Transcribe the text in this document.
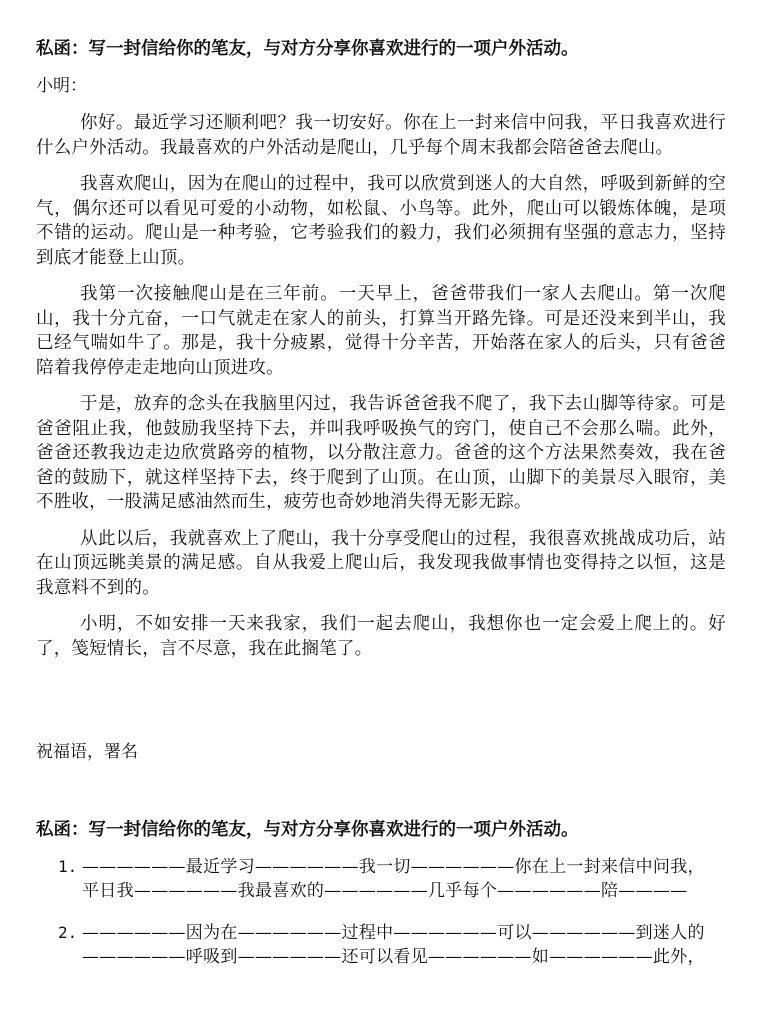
私函：写一封信给你的笔友，与对方分享你喜欢进行的一项户外活动。
小明：

你好。最近学习还顺利吧？我一切安好。你在上一封来信中问我，平日我喜欢进行什么户外活动。我最喜欢的户外活动是爬山，几乎每个周末我都会陪爸爸去爬山。

我喜欢爬山，因为在爬山的过程中，我可以欣赏到迷人的大自然，呼吸到新鲜的空气，偶尔还可以看见可爱的小动物，如松鼠、小鸟等。此外，爬山可以锻炼体魄，是项不错的运动。爬山是一种考验，它考验我们的毅力，我们必须拥有坚强的意志力，坚持到底才能登上山顶。

我第一次接触爬山是在三年前。一天早上，爸爸带我们一家人去爬山。第一次爬山，我十分亢奋，一口气就走在家人的前头，打算当开路先锋。可是还没来到半山，我已经气喘如牛了。那是，我十分疲累，觉得十分辛苦，开始落在家人的后头，只有爸爸陪着我停停走走地向山顶进攻。

于是，放弃的念头在我脑里闪过，我告诉爸爸我不爬了，我下去山脚等待家。可是爸爸阻止我，他鼓励我坚持下去，并叫我呼吸换气的窍门，使自己不会那么喘。此外，爸爸还教我边走边欣赏路旁的植物，以分散注意力。爸爸的这个方法果然奏效，我在爸爸的鼓励下，就这样坚持下去，终于爬到了山顶。在山顶，山脚下的美景尽入眼帘，美不胜收，一股满足感油然而生，疲劳也奇妙地消失得无影无踪。

从此以后，我就喜欢上了爬山，我十分享受爬山的过程，我很喜欢挑战成功后，站在山顶远眺美景的满足感。自从我爱上爬山后，我发现我做事情也变得持之以恒，这是我意料不到的。

小明，不如安排一天来我家，我们一起去爬山，我想你也一定会爱上爬上的。好了，笺短情长，言不尽意，我在此搁笔了。

祝福语，署名
私函：写一封信给你的笔友，与对方分享你喜欢进行的一项户外活动。
1. ——————最近学习——————我一切——————你在上一封来信中问我，
平日我——————我最喜欢的——————几乎每个——————陪————
2. ——————因为在——————过程中——————可以——————到迷人的
——————呼吸到——————还可以看见——————如——————此外，
